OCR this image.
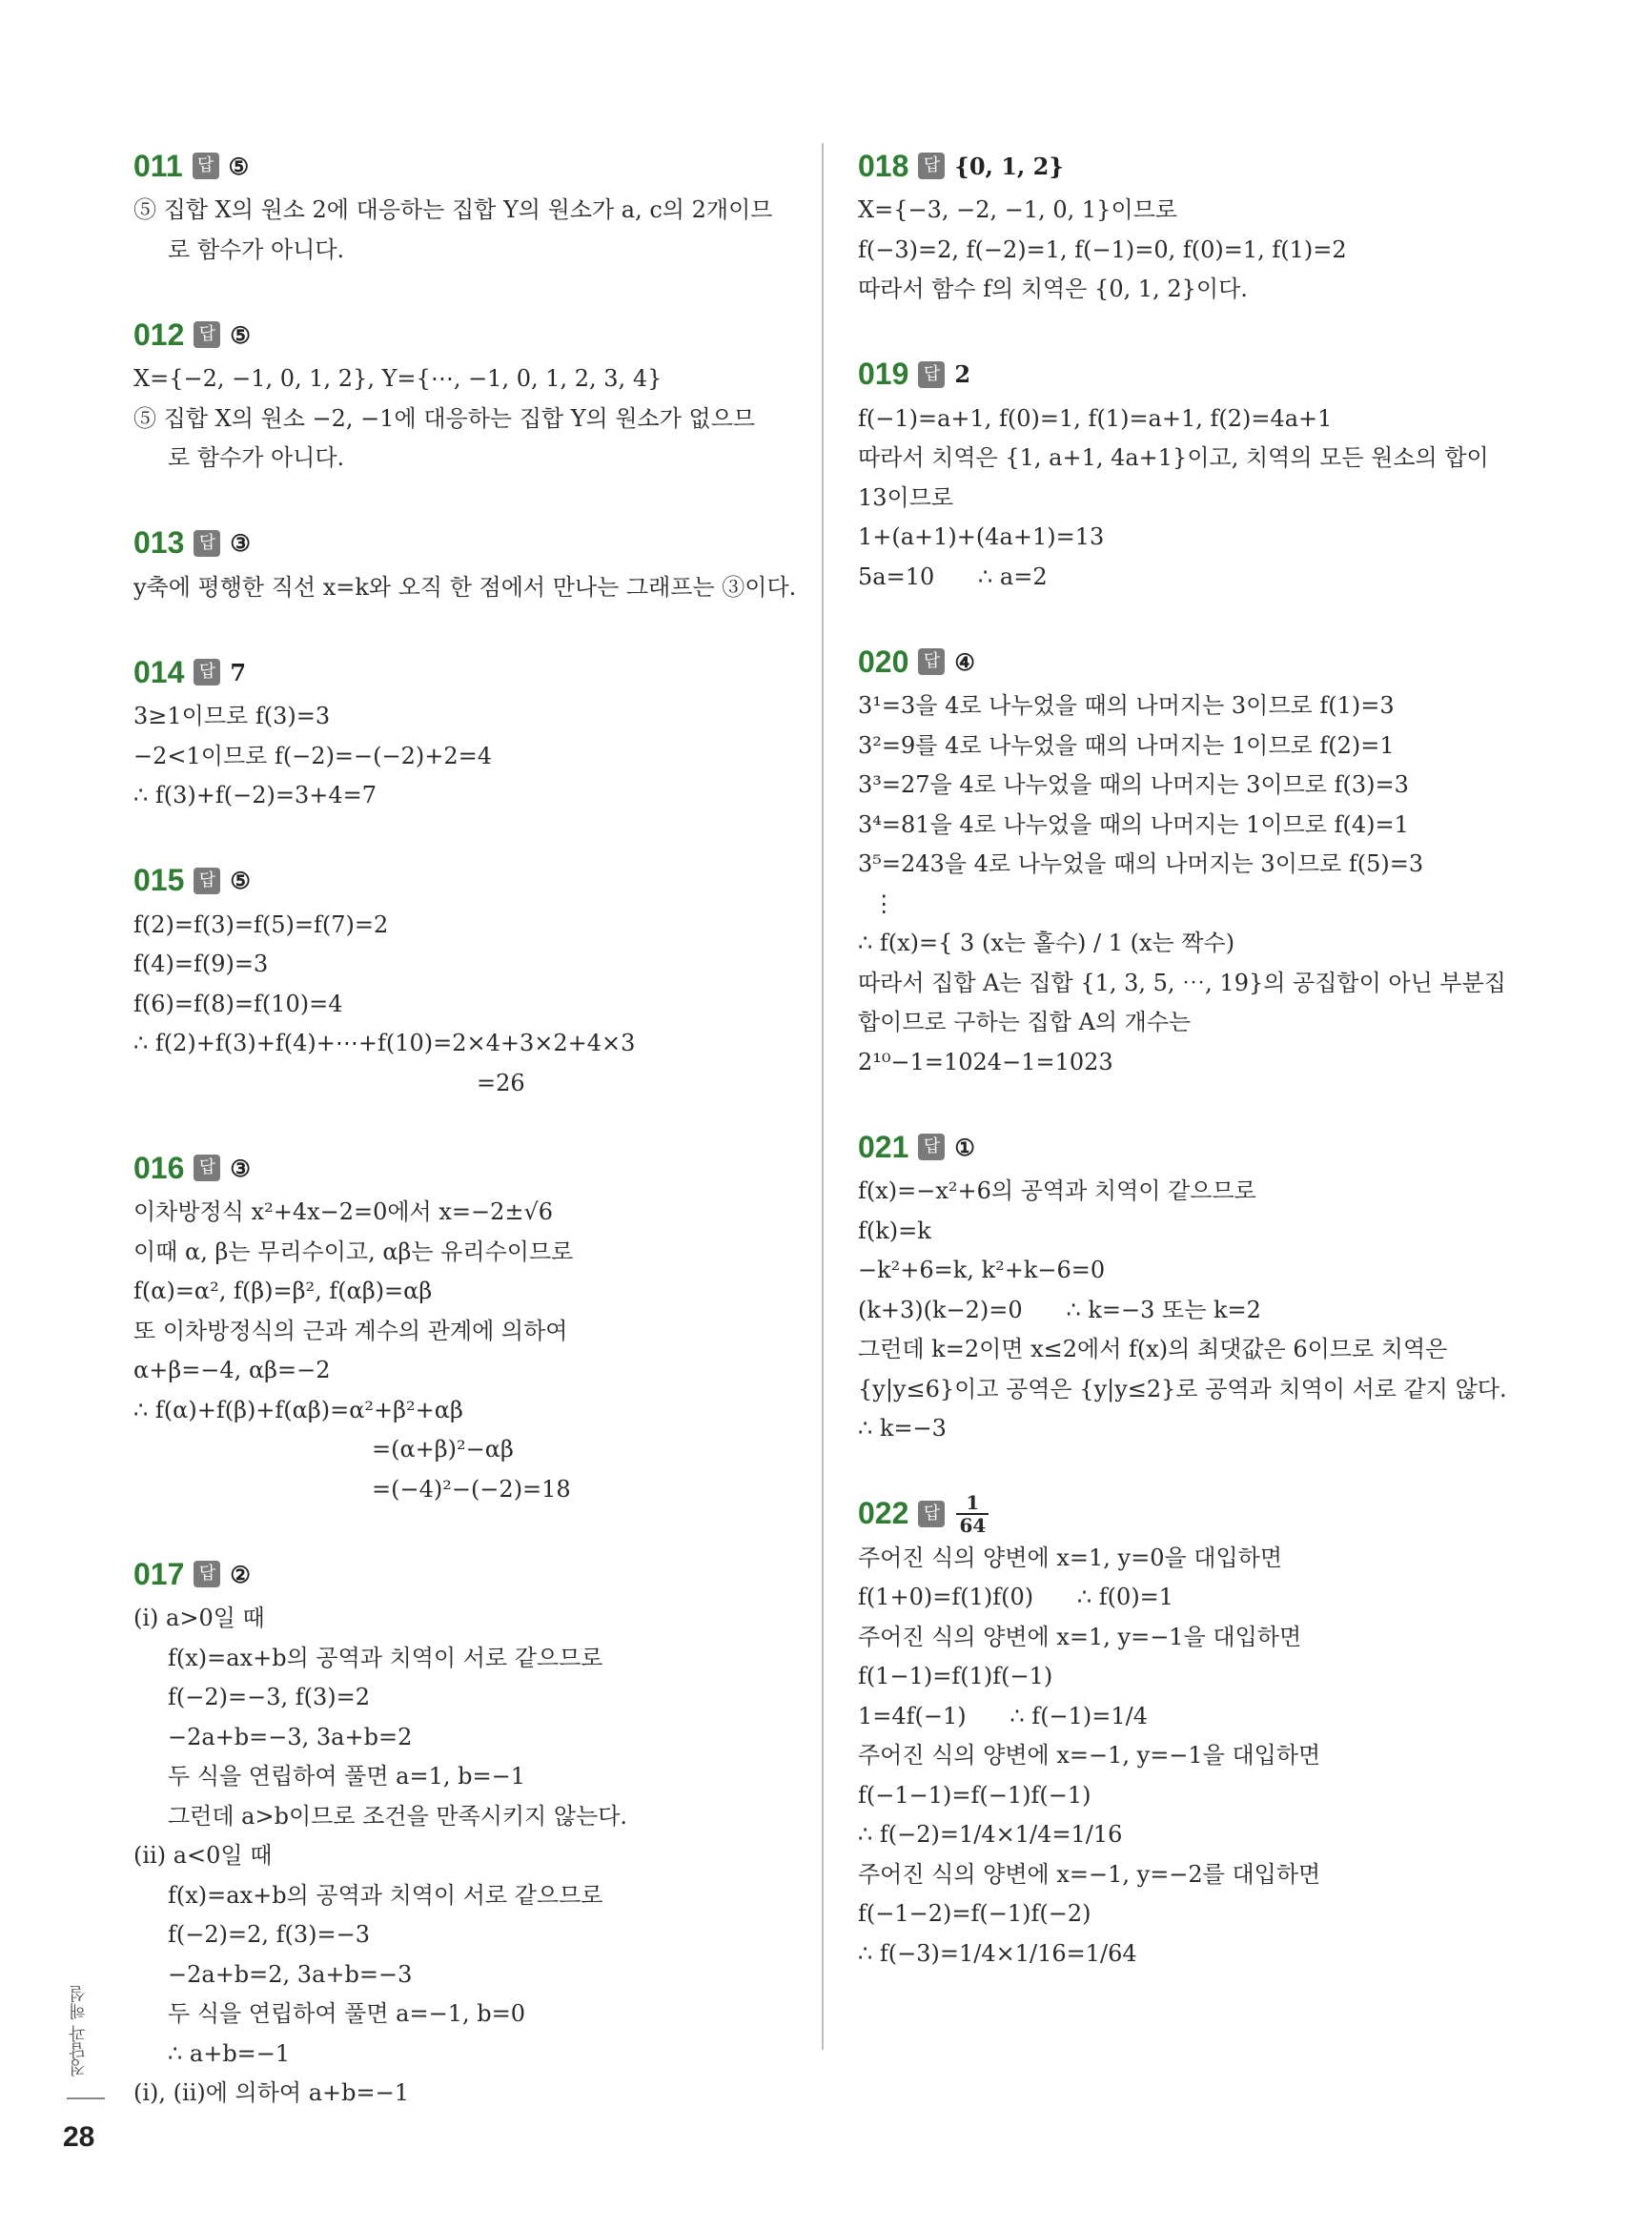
011 답 ⑤
⑤ 집합 X의 원소 2에 대응하는 집합 Y의 원소가 a, c의 2개이므
로 함수가 아니다.
012 답 ⑤
X={−2, −1, 0, 1, 2}, Y={⋯, −1, 0, 1, 2, 3, 4}
⑤ 집합 X의 원소 −2, −1에 대응하는 집합 Y의 원소가 없으므
로 함수가 아니다.
013 답 ③
y축에 평행한 직선 x=k와 오직 한 점에서 만나는 그래프는 ③이다.
014 답 7
3≥1이므로 f(3)=3
−2<1이므로 f(−2)=−(−2)+2=4
∴ f(3)+f(−2)=3+4=7
015 답 ⑤
f(2)=f(3)=f(5)=f(7)=2
f(4)=f(9)=3
f(6)=f(8)=f(10)=4
∴ f(2)+f(3)+f(4)+⋯+f(10)=2×4+3×2+4×3
=26
016 답 ③
이차방정식 x²+4x−2=0에서 x=−2±√6
이때 α, β는 무리수이고, αβ는 유리수이므로
f(α)=α², f(β)=β², f(αβ)=αβ
또 이차방정식의 근과 계수의 관계에 의하여
α+β=−4, αβ=−2
∴ f(α)+f(β)+f(αβ)=α²+β²+αβ
=(α+β)²−αβ
=(−4)²−(−2)=18
017 답 ②
(ⅰ) a>0일 때
f(x)=ax+b의 공역과 치역이 서로 같으므로
f(−2)=−3, f(3)=2
−2a+b=−3, 3a+b=2
두 식을 연립하여 풀면 a=1, b=−1
그런데 a>b이므로 조건을 만족시키지 않는다.
(ⅱ) a<0일 때
f(x)=ax+b의 공역과 치역이 서로 같으므로
f(−2)=2, f(3)=−3
−2a+b=2, 3a+b=−3
두 식을 연립하여 풀면 a=−1, b=0
∴ a+b=−1
(ⅰ), (ⅱ)에 의하여 a+b=−1
018 답 {0, 1, 2}
X={−3, −2, −1, 0, 1}이므로
f(−3)=2, f(−2)=1, f(−1)=0, f(0)=1, f(1)=2
따라서 함수 f의 치역은 {0, 1, 2}이다.
019 답 2
f(−1)=a+1, f(0)=1, f(1)=a+1, f(2)=4a+1
따라서 치역은 {1, a+1, 4a+1}이고, 치역의 모든 원소의 합이
13이므로
1+(a+1)+(4a+1)=13
5a=10      ∴ a=2
020 답 ④
3¹=3을 4로 나누었을 때의 나머지는 3이므로 f(1)=3
3²=9를 4로 나누었을 때의 나머지는 1이므로 f(2)=1
3³=27을 4로 나누었을 때의 나머지는 3이므로 f(3)=3
3⁴=81을 4로 나누었을 때의 나머지는 1이므로 f(4)=1
3⁵=243을 4로 나누었을 때의 나머지는 3이므로 f(5)=3
⋮
∴ f(x)={ 3 (x는 홀수) / 1 (x는 짝수)
따라서 집합 A는 집합 {1, 3, 5, ⋯, 19}의 공집합이 아닌 부분집
합이므로 구하는 집합 A의 개수는
2¹⁰−1=1024−1=1023
021 답 ①
f(x)=−x²+6의 공역과 치역이 같으므로
f(k)=k
−k²+6=k, k²+k−6=0
(k+3)(k−2)=0      ∴ k=−3 또는 k=2
그런데 k=2이면 x≤2에서 f(x)의 최댓값은 6이므로 치역은
{y|y≤6}이고 공역은 {y|y≤2}로 공역과 치역이 서로 같지 않다.
∴ k=−3
022 답 $\frac{1}{64}$
주어진 식의 양변에 x=1, y=0을 대입하면
f(1+0)=f(1)f(0)      ∴ f(0)=1
주어진 식의 양변에 x=1, y=−1을 대입하면
f(1−1)=f(1)f(−1)
1=4f(−1)      ∴ f(−1)=1/4
주어진 식의 양변에 x=−1, y=−1을 대입하면
f(−1−1)=f(−1)f(−1)
∴ f(−2)=1/4×1/4=1/16
주어진 식의 양변에 x=−1, y=−2를 대입하면
f(−1−2)=f(−1)f(−2)
∴ f(−3)=1/4×1/16=1/64
정답과 해설
28
